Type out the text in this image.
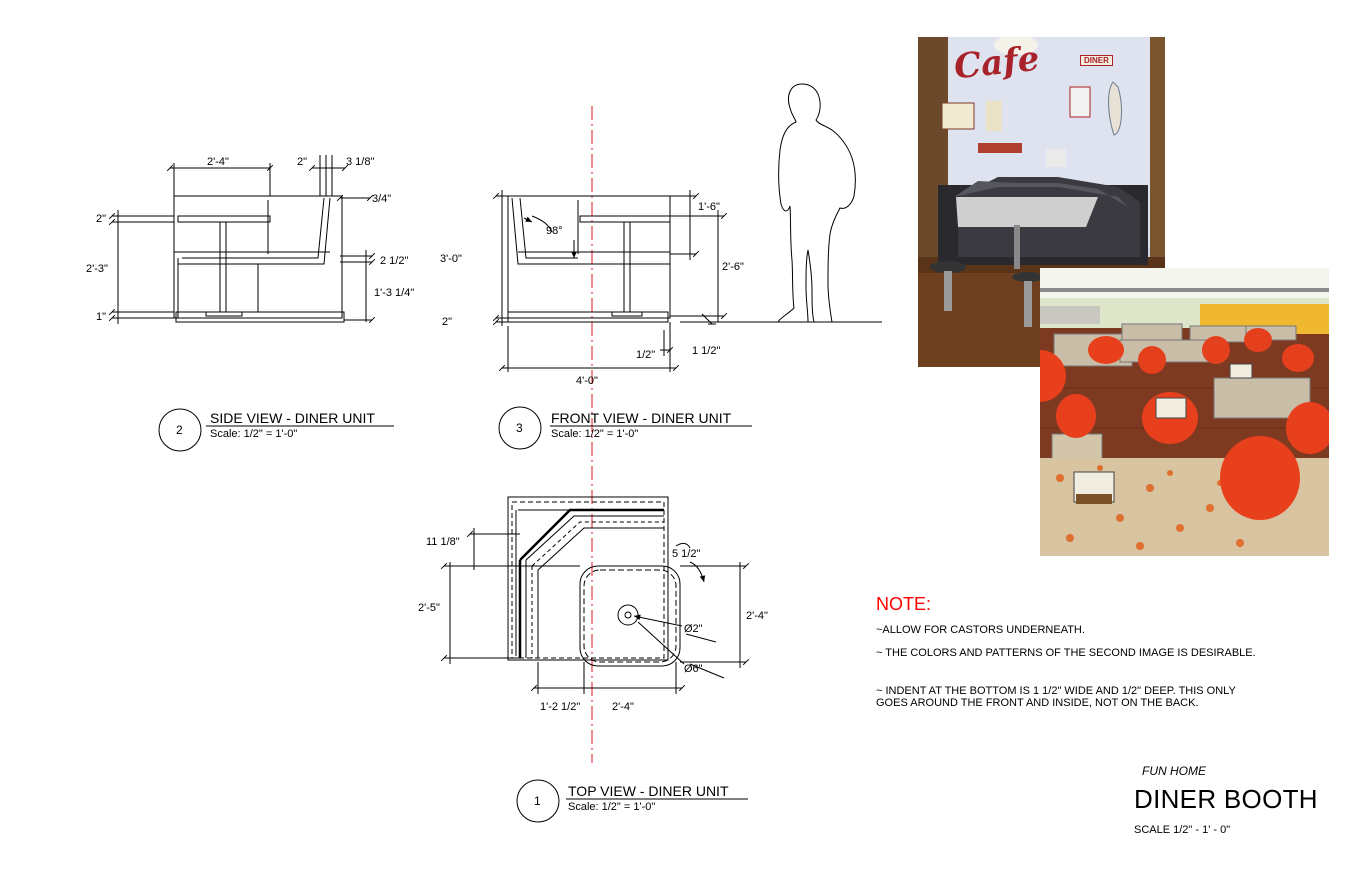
2'-4"	2"	3 1/8"
3/4"
2"
2'-3"
1"
2 1/2"
1'-3 1/4"
3'-0"
2"
1'-6"
2'-6"
98°
1/2"	1 1/2"
4'-0"
11 1/8"
5 1/2"
2'-5"
2'-4"
Ø2"
Ø6"
1'-2 1/2"	2'-4"
2
SIDE VIEW - DINER UNIT
Scale: 1/2" = 1'-0"	3
FRONT VIEW - DINER UNIT
Scale: 1/2" = 1'-0"
1
TOP VIEW - DINER UNIT
Scale: 1/2" = 1'-0"
Cafe	DINER
NOTE:
~ALLOW FOR CASTORS UNDERNEATH.
~ THE COLORS AND PATTERNS OF THE SECOND IMAGE IS DESIRABLE.
~ INDENT AT THE BOTTOM IS 1 1/2" WIDE AND 1/2" DEEP. THIS ONLY GOES AROUND THE FRONT AND INSIDE, NOT ON THE BACK.
FUN HOME
DINER BOOTH
SCALE 1/2" - 1' - 0"
